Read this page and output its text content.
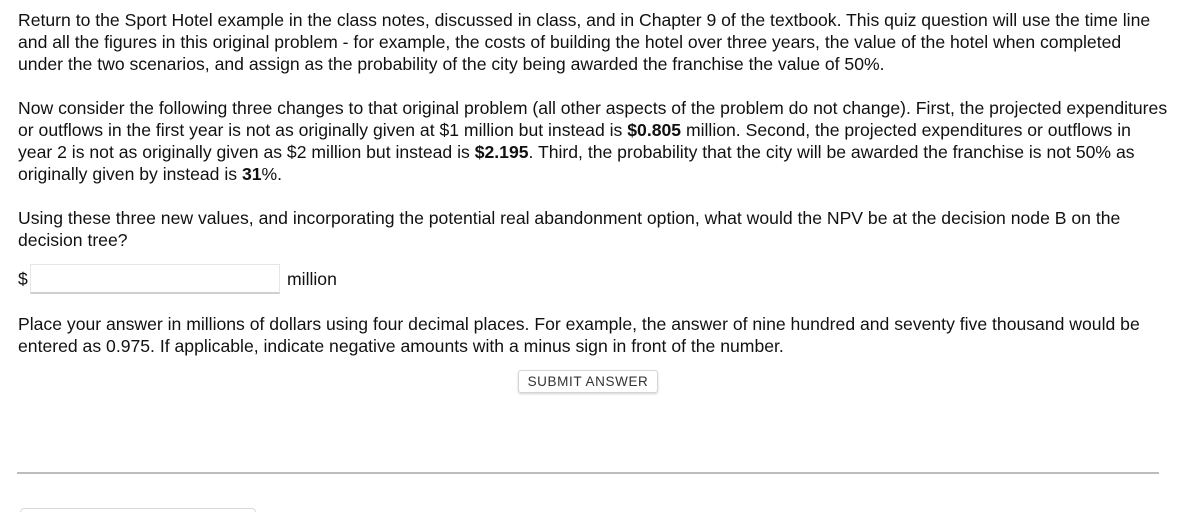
Return to the Sport Hotel example in the class notes, discussed in class, and in Chapter 9 of the textbook. This quiz question will use the time line and all the figures in this original problem - for example, the costs of building the hotel over three years, the value of the hotel when completed under the two scenarios, and assign as the probability of the city being awarded the franchise the value of 50%.

Now consider the following three changes to that original problem (all other aspects of the problem do not change). First, the projected expenditures or outflows in the first year is not as originally given at $1 million but instead is $0.805 million. Second, the projected expenditures or outflows in year 2 is not as originally given as $2 million but instead is $2.195. Third, the probability that the city will be awarded the franchise is not 50% as originally given by instead is 31%.

Using these three new values, and incorporating the potential real abandonment option, what would the NPV be at the decision node B on the decision tree?

$	million

Place your answer in millions of dollars using four decimal places. For example, the answer of nine hundred and seventy five thousand would be entered as 0.975. If applicable, indicate negative amounts with a minus sign in front of the number.

SUBMIT ANSWER
